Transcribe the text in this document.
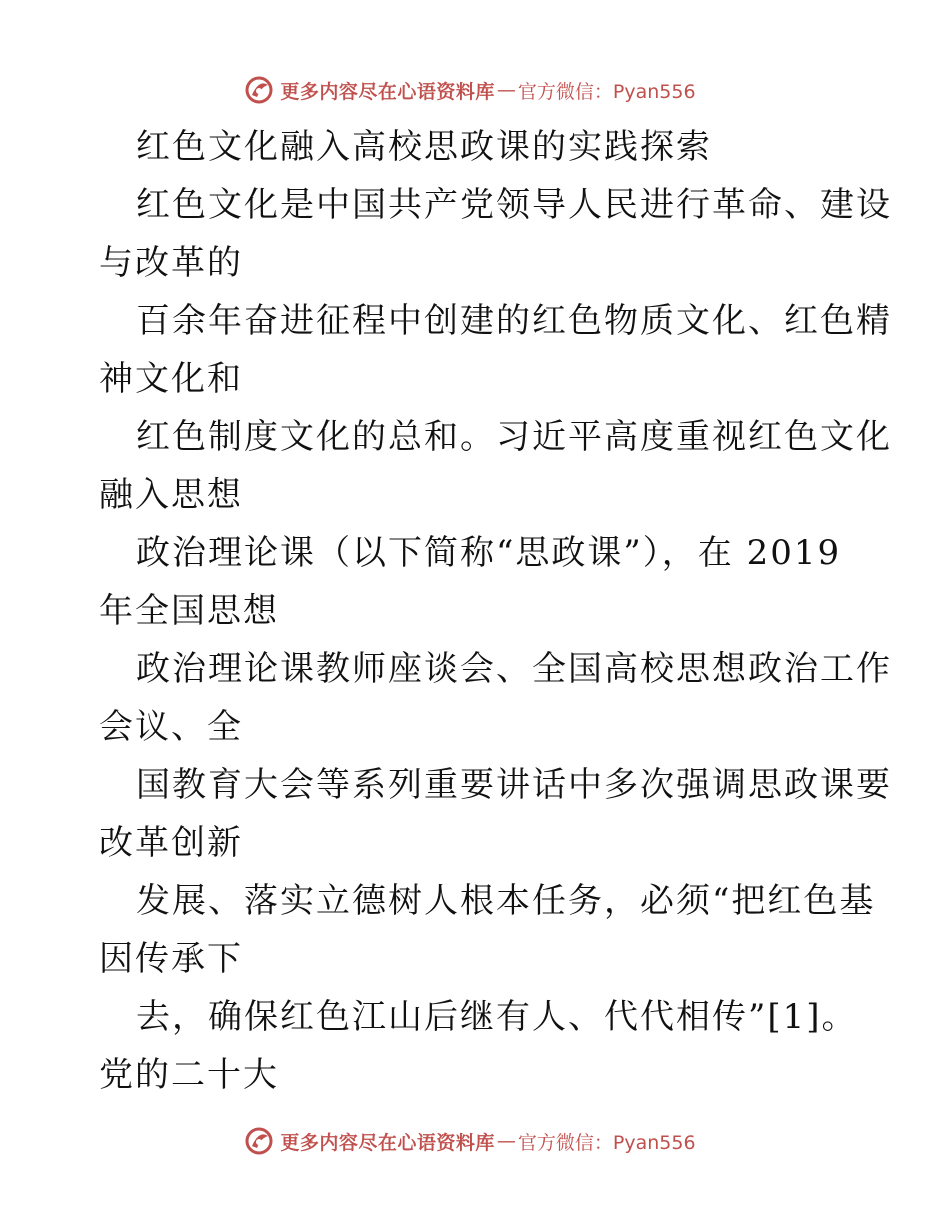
更多内容尽在心语资料库 — 官方微信：Pyan556
红色文化融入高校思政课的实践探索
红色文化是中国共产党领导人民进行革命、建设
与改革的
百余年奋进征程中创建的红色物质文化、红色精
神文化和
红色制度文化的总和。习近平高度重视红色文化
融入思想
政治理论课（以下简称“思政课”），在 2019
年全国思想
政治理论课教师座谈会、全国高校思想政治工作
会议、全
国教育大会等系列重要讲话中多次强调思政课要
改革创新
发展、落实立德树人根本任务，必须“把红色基
因传承下
去，确保红色江山后继有人、代代相传”[1]。
党的二十大
更多内容尽在心语资料库 — 官方微信：Pyan556
